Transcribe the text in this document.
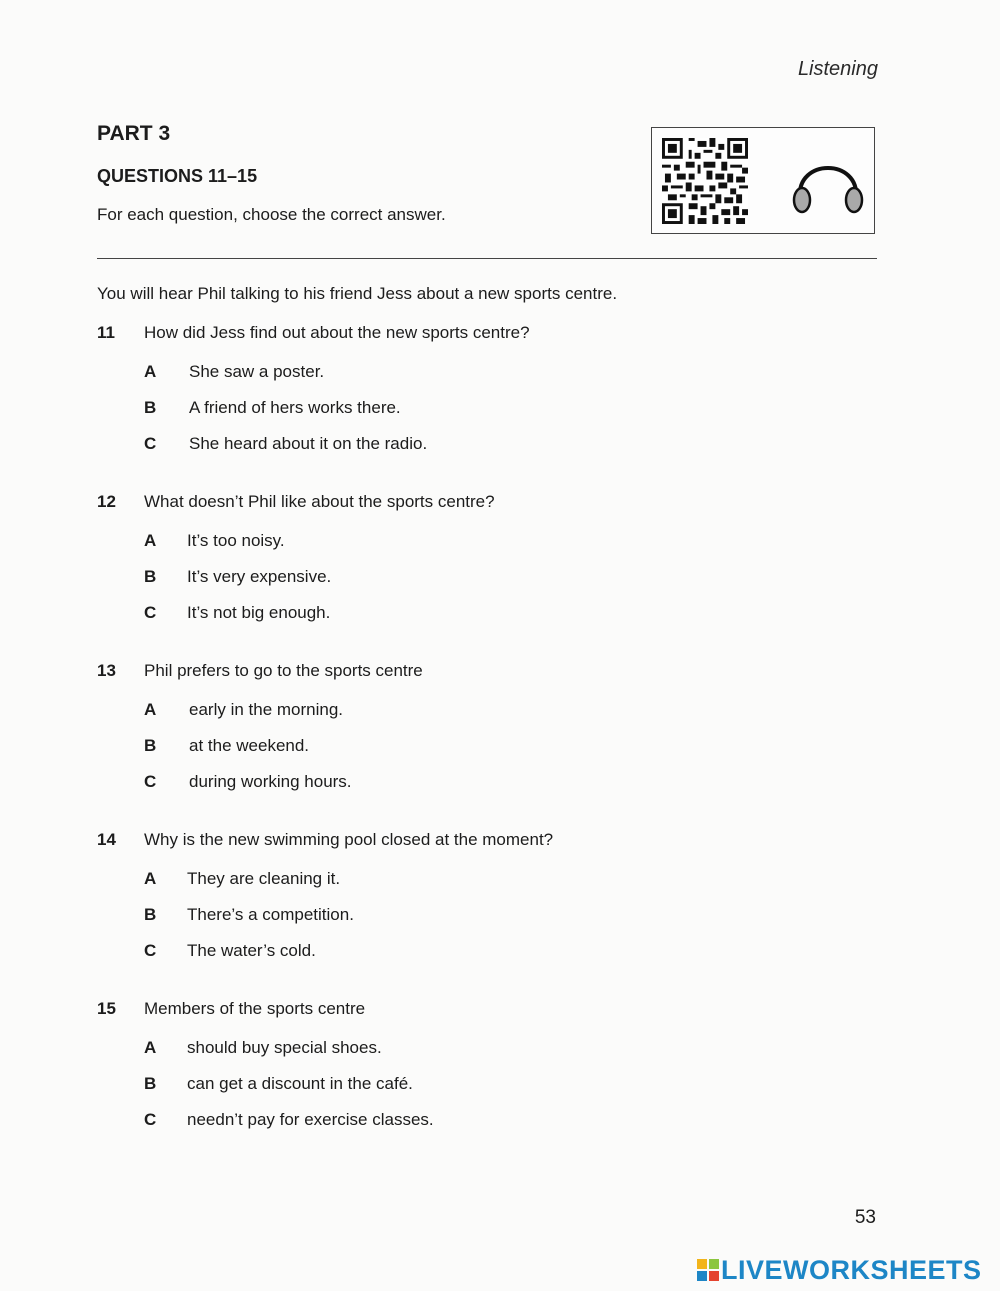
Listening
PART 3
QUESTIONS 11–15
For each question, choose the correct answer.
You will hear Phil talking to his friend Jess about a new sports centre.
11 How did Jess find out about the new sports centre?
A She saw a poster.
B A friend of hers works there.
C She heard about it on the radio.
12 What doesn’t Phil like about the sports centre?
A It’s too noisy.
B It’s very expensive.
C It’s not big enough.
13 Phil prefers to go to the sports centre
A early in the morning.
B at the weekend.
C during working hours.
14 Why is the new swimming pool closed at the moment?
A They are cleaning it.
B There’s a competition.
C The water’s cold.
15 Members of the sports centre
A should buy special shoes.
B can get a discount in the café.
C needn’t pay for exercise classes.
53
LIVEWORKSHEETS
